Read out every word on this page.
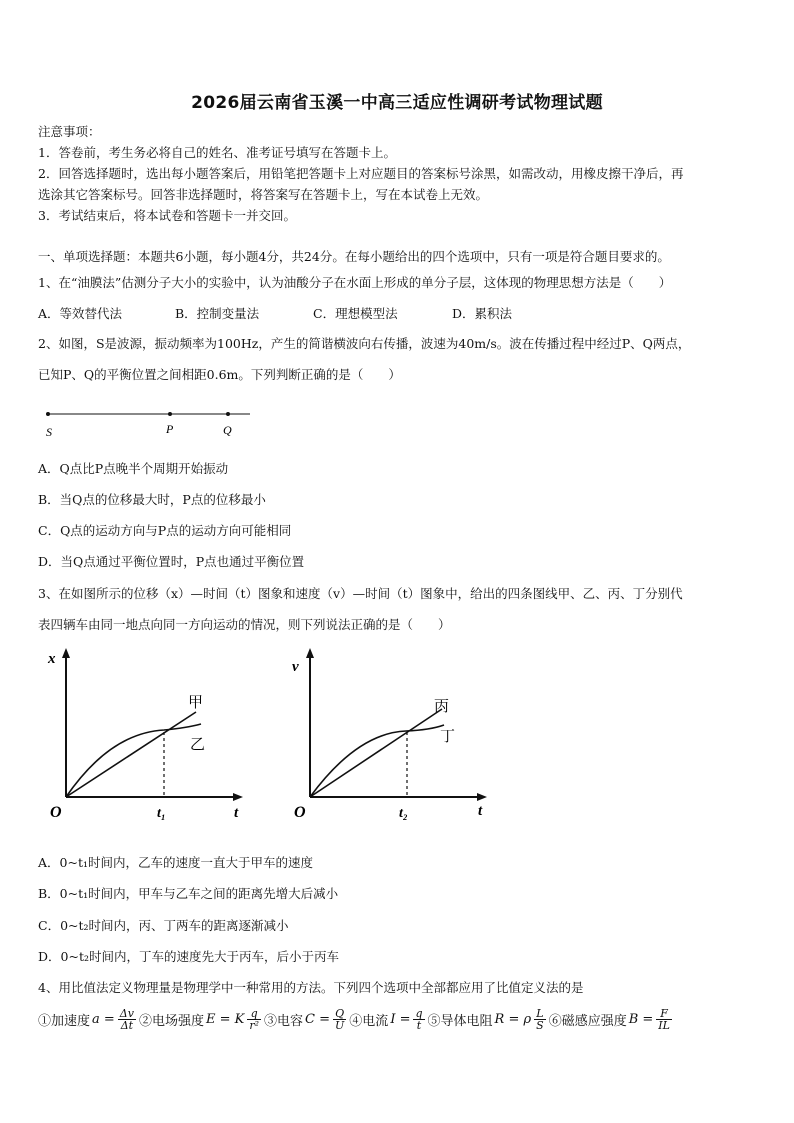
2026届云南省玉溪一中高三适应性调研考试物理试题
注意事项：
1．答卷前，考生务必将自己的姓名、准考证号填写在答题卡上。
2．回答选择题时，选出每小题答案后，用铅笔把答题卡上对应题目的答案标号涂黑，如需改动，用橡皮擦干净后，再
选涂其它答案标号。回答非选择题时，将答案写在答题卡上，写在本试卷上无效。
3．考试结束后，将本试卷和答题卡一并交回。
一、单项选择题：本题共6小题，每小题4分，共24分。在每小题给出的四个选项中，只有一项是符合题目要求的。
1、在“油膜法”估测分子大小的实验中，认为油酸分子在水面上形成的单分子层，这体现的物理思想方法是（　　）
A．等效替代法	B．控制变量法	C．理想模型法	D．累积法
2、如图，S是波源，振动频率为100Hz，产生的简谐横波向右传播，波速为40m/s。波在传播过程中经过P、Q两点，
已知P、Q的平衡位置之间相距0.6m。下列判断正确的是（　　）
S	P	Q
A．Q点比P点晚半个周期开始振动
B．当Q点的位移最大时，P点的位移最小
C．Q点的运动方向与P点的运动方向可能相同
D．当Q点通过平衡位置时，P点也通过平衡位置
3、在如图所示的位移（x）—时间（t）图象和速度（v）—时间（t）图象中，给出的四条图线甲、乙、丙、丁分别代
表四辆车由同一地点向同一方向运动的情况，则下列说法正确的是（　　）
x
t
O	t₁
甲
乙
v
t
O	t₂
丙
丁
A．0~t₁时间内，乙车的速度一直大于甲车的速度
B．0~t₁时间内，甲车与乙车之间的距离先增大后减小
C．0~t₂时间内，丙、丁两车的距离逐渐减小
D．0~t₂时间内，丁车的速度先大于丙车，后小于丙车
4、用比值法定义物理量是物理学中一种常用的方法。下列四个选项中全部都应用了比值定义法的是
①加速度 $a = \frac{\Delta v}{\Delta t}$ ②电场强度 E = K $\frac{q}{\text{r²}}$ ③电容 $C = \frac{Q}{U}$ ④电流 $I = \frac{q}{t}$ ⑤导体电阻 R = ρ $\frac{L}{S}$ ⑥磁感应强度 $B = \frac{F}{IL}$
